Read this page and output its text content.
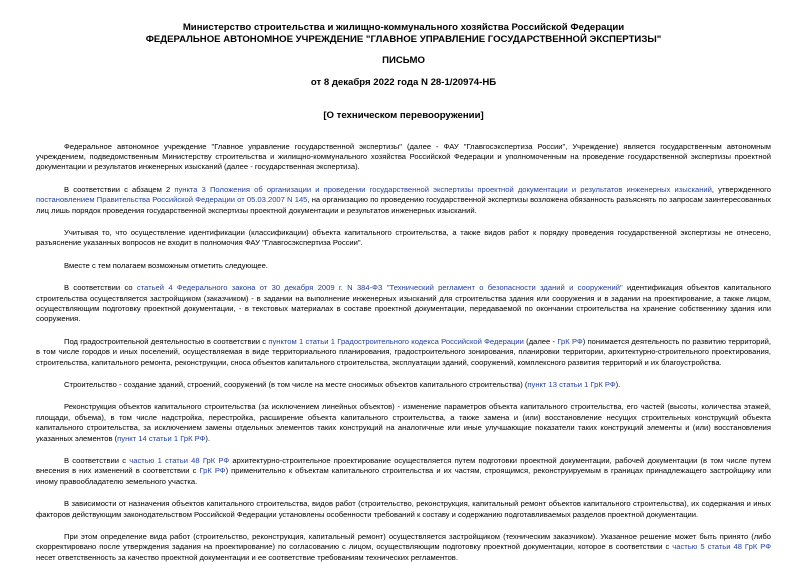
Министерство строительства и жилищно-коммунального хозяйства Российской Федерации
ФЕДЕРАЛЬНОЕ АВТОНОМНОЕ УЧРЕЖДЕНИЕ "ГЛАВНОЕ УПРАВЛЕНИЕ ГОСУДАРСТВЕННОЙ ЭКСПЕРТИЗЫ"
ПИСЬМО
от 8 декабря 2022 года N 28-1/20974-НБ
[О техническом перевооружении]

Федеральное автономное учреждение "Главное управление государственной экспертизы" (далее - ФАУ "Главгосэкспертиза России", Учреждение) является государственным автономным учреждением, подведомственным Министерству строительства и жилищно-коммунального хозяйства Российской Федерации и уполномоченным на проведение государственной экспертизы проектной документации и результатов инженерных изысканий (далее - государственная экспертиза).

В соответствии с абзацем 2 пункта 3 Положения об организации и проведении государственной экспертизы проектной документации и результатов инженерных изысканий, утвержденного постановлением Правительства Российской Федерации от 05.03.2007 N 145, на организацию по проведению государственной экспертизы возложена обязанность разъяснять по запросам заинтересованных лиц лишь порядок проведения государственной экспертизы проектной документации и результатов инженерных изысканий.

Учитывая то, что осуществление идентификации (классификации) объекта капитального строительства, а также видов работ к порядку проведения государственной экспертизы не отнесено, разъяснение указанных вопросов не входит в полномочия ФАУ "Главгосэкспертиза России".

Вместе с тем полагаем возможным отметить следующее.

В соответствии со статьей 4 Федерального закона от 30 декабря 2009 г. N 384-ФЗ "Технический регламент о безопасности зданий и сооружений" идентификация объектов капитального строительства осуществляется застройщиком (заказчиком) - в задании на выполнение инженерных изысканий для строительства здания или сооружения и в задании на проектирование, а также лицом, осуществляющим подготовку проектной документации, - в текстовых материалах в составе проектной документации, передаваемой по окончании строительства на хранение собственнику здания или сооружения.

Под градостроительной деятельностью в соответствии с пунктом 1 статьи 1 Градостроительного кодекса Российской Федерации (далее - ГрК РФ) понимается деятельность по развитию территорий, в том числе городов и иных поселений, осуществляемая в виде территориального планирования, градостроительного зонирования, планировки территории, архитектурно-строительного проектирования, строительства, капитального ремонта, реконструкции, сноса объектов капитального строительства, эксплуатации зданий, сооружений, комплексного развития территорий и их благоустройства.

Строительство - создание зданий, строений, сооружений (в том числе на месте сносимых объектов капитального строительства) (пункт 13 статьи 1 ГрК РФ).

Реконструкция объектов капитального строительства (за исключением линейных объектов) - изменение параметров объекта капитального строительства, его частей (высоты, количества этажей, площади, объема), в том числе надстройка, перестройка, расширение объекта капитального строительства, а также замена и (или) восстановление несущих строительных конструкций объекта капитального строительства, за исключением замены отдельных элементов таких конструкций на аналогичные или иные улучшающие показатели таких конструкций элементы и (или) восстановления указанных элементов (пункт 14 статьи 1 ГрК РФ).

В соответствии с частью 1 статьи 48 ГрК РФ архитектурно-строительное проектирование осуществляется путем подготовки проектной документации, рабочей документации (в том числе путем внесения в них изменений в соответствии с ГрК РФ) применительно к объектам капитального строительства и их частям, строящимся, реконструируемым в границах принадлежащего застройщику или иному правообладателю земельного участка.

В зависимости от назначения объектов капитального строительства, видов работ (строительство, реконструкция, капитальный ремонт объектов капитального строительства), их содержания и иных факторов действующим законодательством Российской Федерации установлены особенности требований к составу и содержанию подготавливаемых разделов проектной документации.

При этом определение вида работ (строительство, реконструкция, капитальный ремонт) осуществляется застройщиком (техническим заказчиком). Указанное решение может быть принято (либо скорректировано после утверждения задания на проектирование) по согласованию с лицом, осуществляющим подготовку проектной документации, которое в соответствии с частью 5 статьи 48 ГрК РФ несет ответственность за качество проектной документации и ее соответствие требованиям технических регламентов.
